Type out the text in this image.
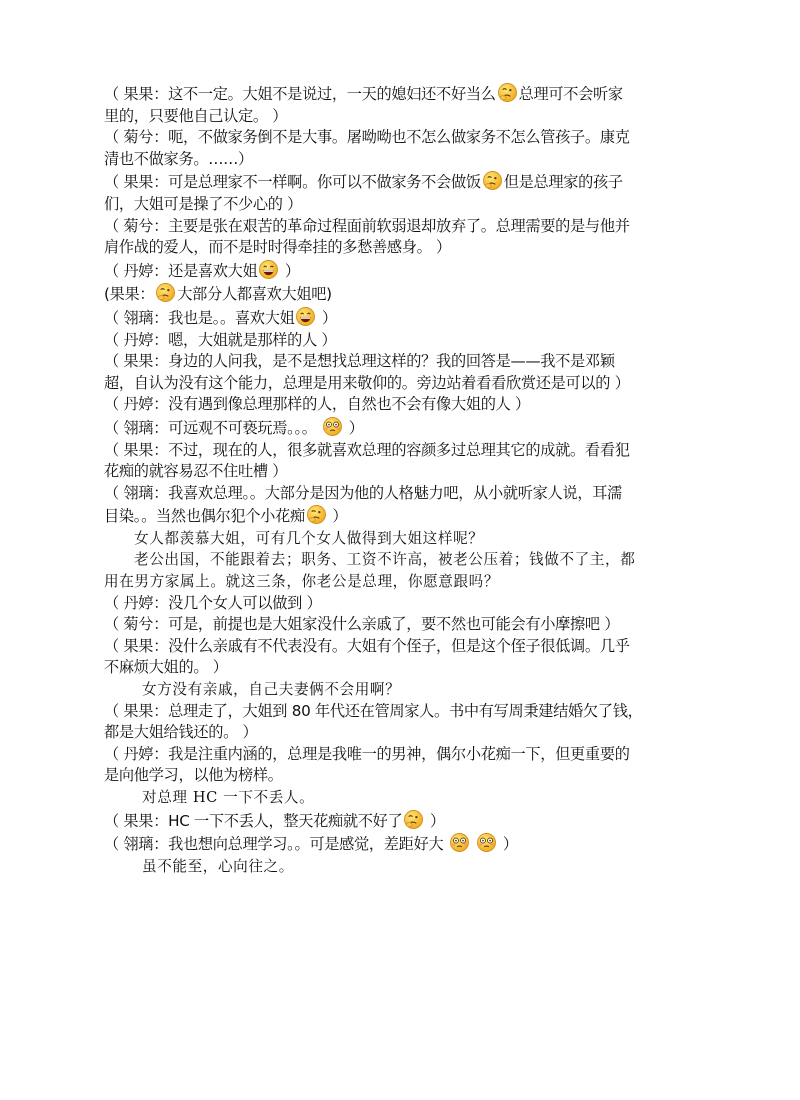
（ 果果：这不一定。大姐不是说过，一天的媳妇还不好当么 总理可不会听家
里的，只要他自己认定。 ）
（ 菊兮：呃，不做家务倒不是大事。屠呦呦也不怎么做家务不怎么管孩子。康克
清也不做家务。……）
（ 果果：可是总理家不一样啊。你可以不做家务不会做饭 但是总理家的孩子
们，大姐可是操了不少心的 ）
（ 菊兮：主要是张在艰苦的革命过程面前软弱退却放弃了。总理需要的是与他并
肩作战的爱人，而不是时时得牵挂的多愁善感身。 ）
（ 丹婷：还是喜欢大姐 ）
(果果： 大部分人都喜欢大姐吧)
（ 翎璃：我也是。。喜欢大姐 ）
（ 丹婷：嗯，大姐就是那样的人 ）
（ 果果：身边的人问我，是不是想找总理这样的？我的回答是——我不是邓颖
超，自认为没有这个能力，总理是用来敬仰的。旁边站着看看欣赏还是可以的 ）
（ 丹婷：没有遇到像总理那样的人，自然也不会有像大姐的人 ）
（ 翎璃：可远观不可亵玩焉。。。  ）
（ 果果：不过，现在的人，很多就喜欢总理的容颜多过总理其它的成就。看看犯
花痴的就容易忍不住吐槽 ）
（ 翎璃：我喜欢总理。。大部分是因为他的人格魅力吧，从小就听家人说，耳濡
目染。。当然也偶尔犯个小花痴 ）
女人都羡慕大姐，可有几个女人做得到大姐这样呢？
老公出国，不能跟着去；职务、工资不许高，被老公压着；钱做不了主，都
用在男方家属上。就这三条，你老公是总理，你愿意跟吗？
（ 丹婷：没几个女人可以做到 ）
（ 菊兮：可是，前提也是大姐家没什么亲戚了，要不然也可能会有小摩擦吧 ）
（ 果果：没什么亲戚有不代表没有。大姐有个侄子，但是这个侄子很低调。几乎
不麻烦大姐的。 ）
女方没有亲戚，自己夫妻俩不会用啊？
（ 果果：总理走了，大姐到 80 年代还在管周家人。书中有写周秉建结婚欠了钱，
都是大姐给钱还的。 ）
（ 丹婷：我是注重内涵的，总理是我唯一的男神，偶尔小花痴一下，但更重要的
是向他学习，以他为榜样。
对总理 HC 一下不丢人。
（ 果果：HC 一下不丢人，整天花痴就不好了 ）
（ 翎璃：我也想向总理学习。。可是感觉，差距好大	）
虽不能至，心向往之。
